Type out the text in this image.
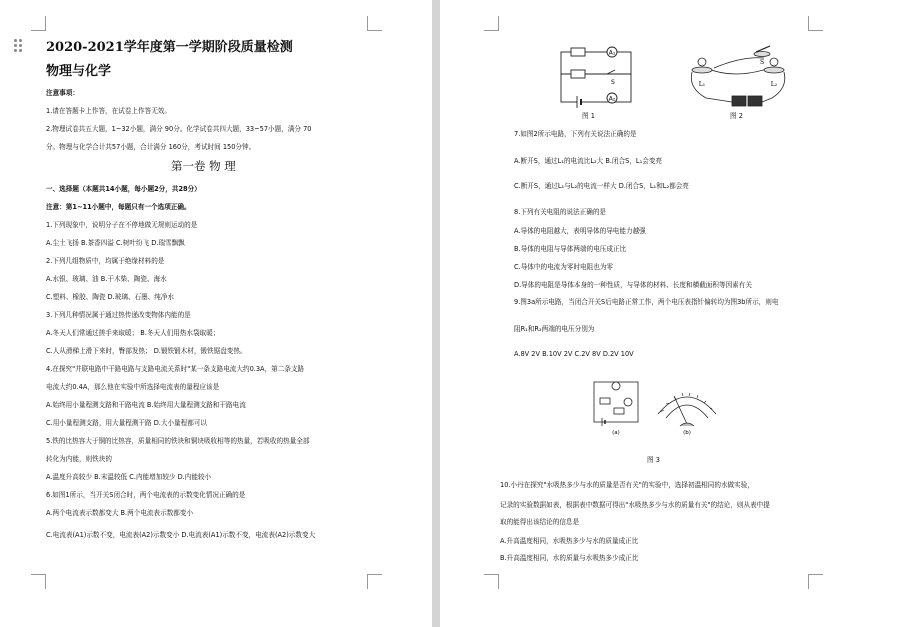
2020-2021学年度第一学期阶段质量检测
物理与化学
注意事项：
1.请在答题卡上作答，在试卷上作答无效。
2.物理试卷共五大题，1~32小题，满分 90分。化学试卷共四大题，33~57小题，满分 70
分。物理与化学合计共57小题，合计满分 160分，考试时间 150分钟。
第一卷 物 理
一、选择题（本题共14小题，每小题2分，共28分）
注意：第1~11小题中，每题只有一个选项正确。
1.下列现象中，说明分子在不停地做无规则运动的是
A.尘土飞扬 B.茶香四溢 C.树叶纷飞 D.瑞雪飘飘
2.下列几组物质中，均属于绝缘材料的是
A.水银、玻璃、油 B.干木柴、陶瓷、海水
C.塑料、橡胶、陶瓷 D.玻璃、石墨、纯净水
3.下列几种情况属于通过热传递改变物体内能的是
A.冬天人们常通过搓手来取暖； B.冬天人们用热水袋取暖；
C.人从滑梯上滑下来时，臀部发热； D.锻铁锻木材，锻铁锯盘变热。
4.在探究"并联电路中干路电路与支路电流关系时"某一条支路电流大约0.3A，第二条支路
电流大约0.4A，那么他在实验中所选择电流表的量程应该是
A.始终用小量程测支路和干路电流 B.始终用大量程测支路和干路电流
C.用小量程测支路，用大量程测干路 D.大小量程都可以
5.铁的比热容大于铜的比热容，质量相同的铁块和铜块吸收相等的热量，若吸收的热量全部
转化为内能，则铁块的
A.温度升高较少 B.末温较低 C.内能增加较少 D.内能较小
6.如图1所示，当开关S闭合时，两个电流表的示数变化情况正确的是
A.两个电流表示数都变大 B.两个电流表示数都变小
C.电流表(A1)示数不变，电流表(A2)示数变小 D.电流表(A1)示数不变，电流表(A2)示数变大
A₁
A₂
S
图 1
L₁	L₂
S
图 2
7.如图2所示电路，下列有关说法正确的是
A.断开S，通过L₁的电流比L₂大 B.闭合S，L₁会变亮
C.断开S，通过L₁与L₂的电流一样大 D.闭合S，L₁和L₂都会亮
8.下列有关电阻的说法正确的是
A.导体的电阻越大，表明导体的导电能力越强
B.导体的电阻与导体两端的电压成正比
C.导体中的电流为零时电阻也为零
D.导体的电阻是导体本身的一种性质，与导体的材料、长度和横截面积等因素有关
9.图3a所示电路，当闭合开关S后电路正常工作，两个电压表指针偏转均为图3b所示，则电
阻R₁和R₂两端的电压分别为
A.8V 2V B.10V 2V C.2V 8V D.2V 10V
(a)	(b)
图 3
10.小丹在探究"水吸热多少与水的质量是否有关"的实验中，选择初温相同的水做实验，
记录的实验数据如表，根据表中数据可得出"水吸热多少与水的质量有关"的结论，则从表中提
取的能得出该结论的信息是
A.升高温度相同，水吸热多少与水的质量成正比
B.升高温度相同，水的质量与水吸热多少成正比
